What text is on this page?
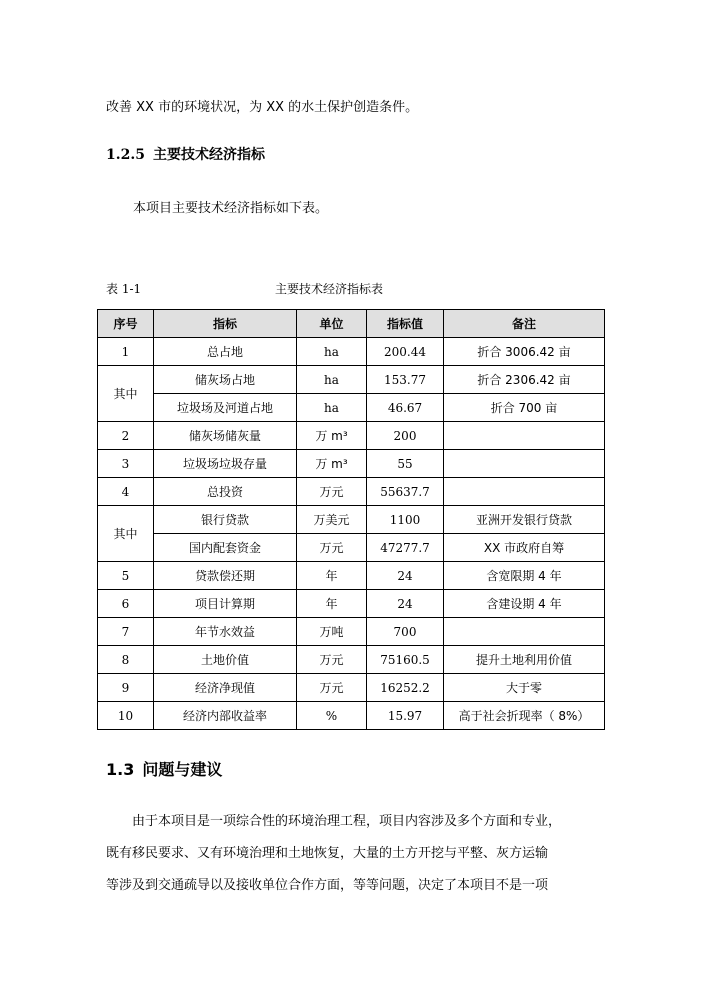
改善 XX 市的环境状况，为 XX 的水土保护创造条件。
1.2.5 主要技术经济指标
本项目主要技术经济指标如下表。
表 1-1	主要技术经济指标表
序号	指标	单位	指标值	备注
1	总占地	ha	200.44	折合 3006.42 亩
其中	储灰场占地	ha	153.77	折合 2306.42 亩
	垃圾场及河道占地	ha	46.67	折合 700 亩
2	储灰场储灰量	万 m³	200	
3	垃圾场垃圾存量	万 m³	55	
4	总投资	万元	55637.7	
其中	银行贷款	万美元	1100	亚洲开发银行贷款
	国内配套资金	万元	47277.7	XX 市政府自筹
5	贷款偿还期	年	24	含宽限期 4 年
6	项目计算期	年	24	含建设期 4 年
7	年节水效益	万吨	700	
8	土地价值	万元	75160.5	提升土地利用价值
9	经济净现值	万元	16252.2	大于零
10	经济内部收益率	%	15.97	高于社会折现率（ 8%）
1.3 问题与建议
由于本项目是一项综合性的环境治理工程，项目内容涉及多个方面和专业，
既有移民要求、又有环境治理和土地恢复，大量的土方开挖与平整、灰方运输
等涉及到交通疏导以及接收单位合作方面，等等问题，决定了本项目不是一项
